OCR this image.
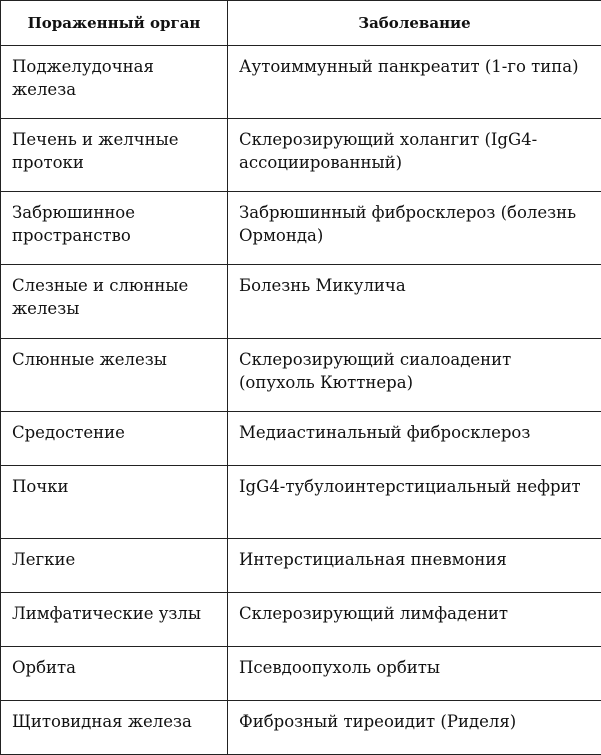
Пораженный орган	Заболевание
Поджелудочная железа	Аутоиммунный панкреатит (1-го типа)
Печень и желчные протоки	Склерозирующий холангит (IgG4-ассоциированный)
Забрюшинное пространство	Забрюшинный фибросклероз (болезнь Ормонда)
Слезные и слюнные железы	Болезнь Микулича
Слюнные железы	Склерозирующий сиалоаденит (опухоль Кюттнера)
Средостение	Медиастинальный фибросклероз
Почки	IgG4-тубулоинтерстициальный нефрит
Легкие	Интерстициальная пневмония
Лимфатические узлы	Склерозирующий лимфаденит
Орбита	Псевдоопухоль орбиты
Щитовидная железа	Фиброзный тиреоидит (Риделя)
